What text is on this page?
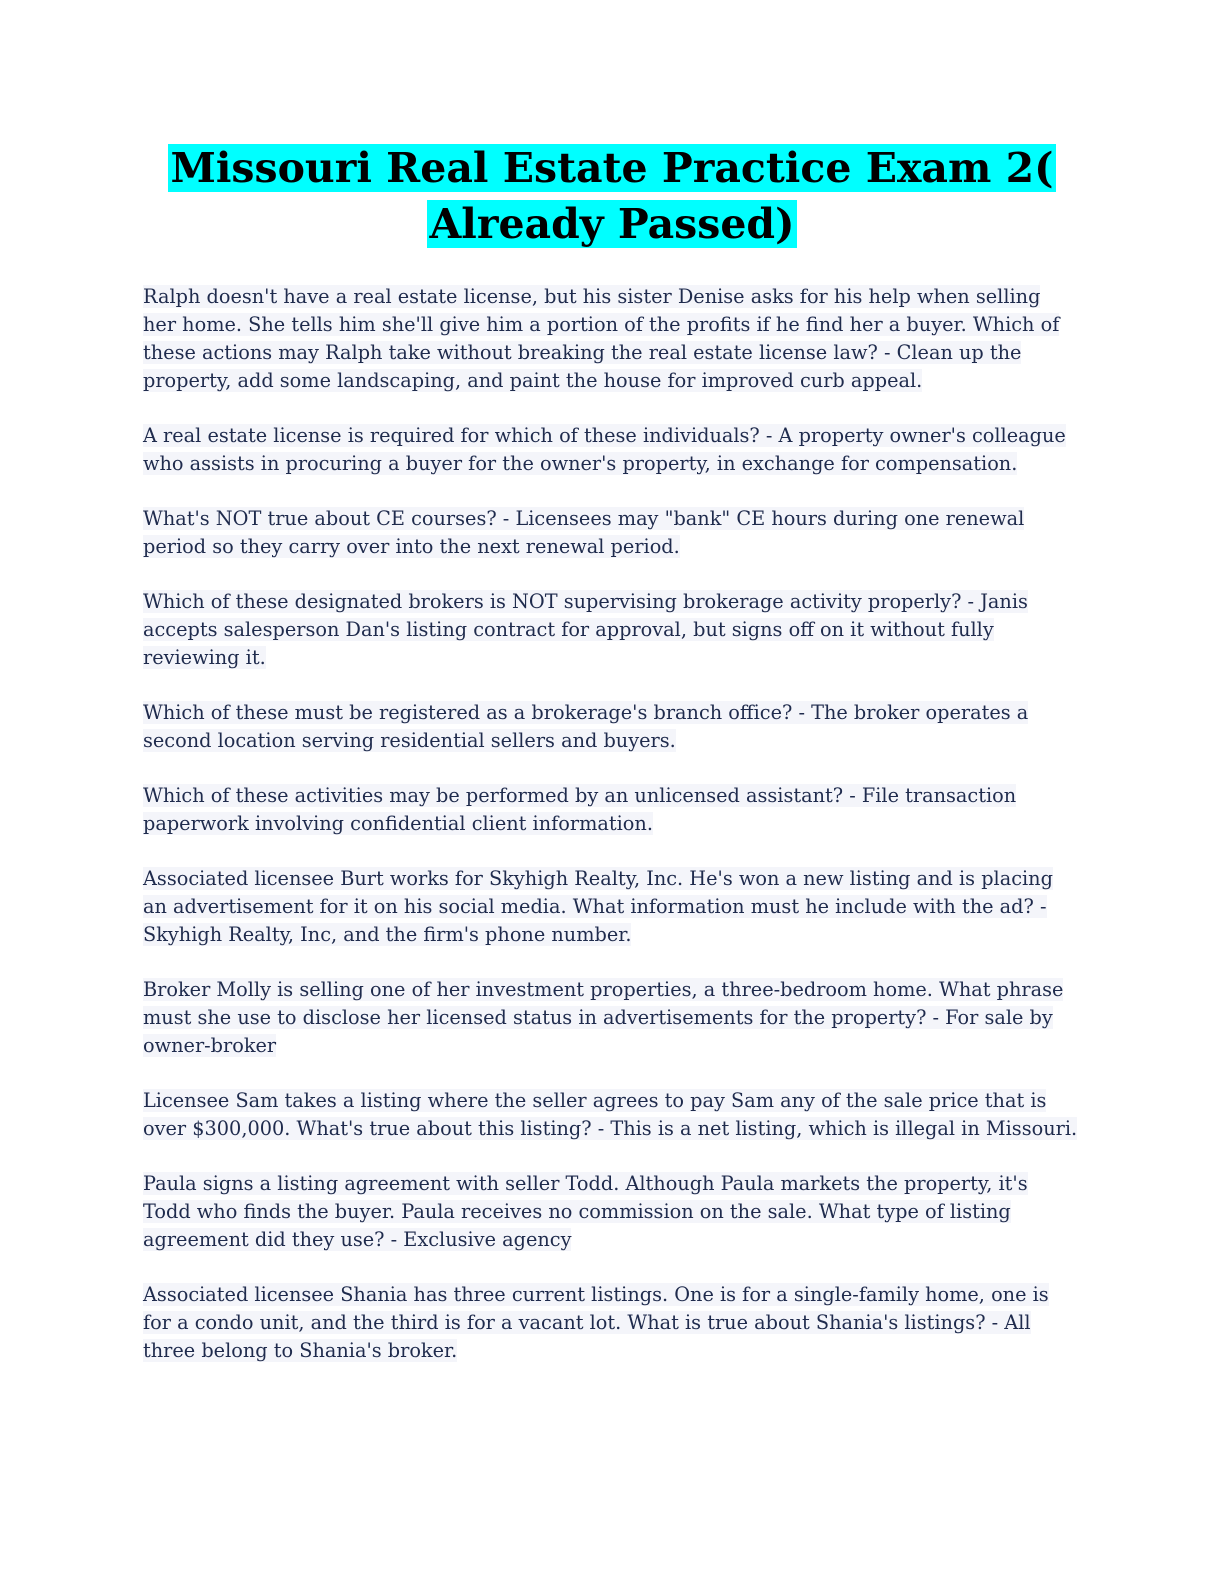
Missouri Real Estate Practice Exam 2( Already Passed)
Ralph doesn't have a real estate license, but his sister Denise asks for his help when selling her home. She tells him she'll give him a portion of the profits if he find her a buyer. Which of these actions may Ralph take without breaking the real estate license law? - Clean up the property, add some landscaping, and paint the house for improved curb appeal.
A real estate license is required for which of these individuals? - A property owner's colleague who assists in procuring a buyer for the owner's property, in exchange for compensation.
What's NOT true about CE courses? - Licensees may "bank" CE hours during one renewal period so they carry over into the next renewal period.
Which of these designated brokers is NOT supervising brokerage activity properly? - Janis accepts salesperson Dan's listing contract for approval, but signs off on it without fully reviewing it.
Which of these must be registered as a brokerage's branch office? - The broker operates a second location serving residential sellers and buyers.
Which of these activities may be performed by an unlicensed assistant? - File transaction paperwork involving confidential client information.
Associated licensee Burt works for Skyhigh Realty, Inc. He's won a new listing and is placing an advertisement for it on his social media. What information must he include with the ad? - Skyhigh Realty, Inc, and the firm's phone number.
Broker Molly is selling one of her investment properties, a three-bedroom home. What phrase must she use to disclose her licensed status in advertisements for the property? - For sale by owner-broker
Licensee Sam takes a listing where the seller agrees to pay Sam any of the sale price that is over $300,000. What's true about this listing? - This is a net listing, which is illegal in Missouri.
Paula signs a listing agreement with seller Todd. Although Paula markets the property, it's Todd who finds the buyer. Paula receives no commission on the sale. What type of listing agreement did they use? - Exclusive agency
Associated licensee Shania has three current listings. One is for a single-family home, one is for a condo unit, and the third is for a vacant lot. What is true about Shania's listings? - All three belong to Shania's broker.
